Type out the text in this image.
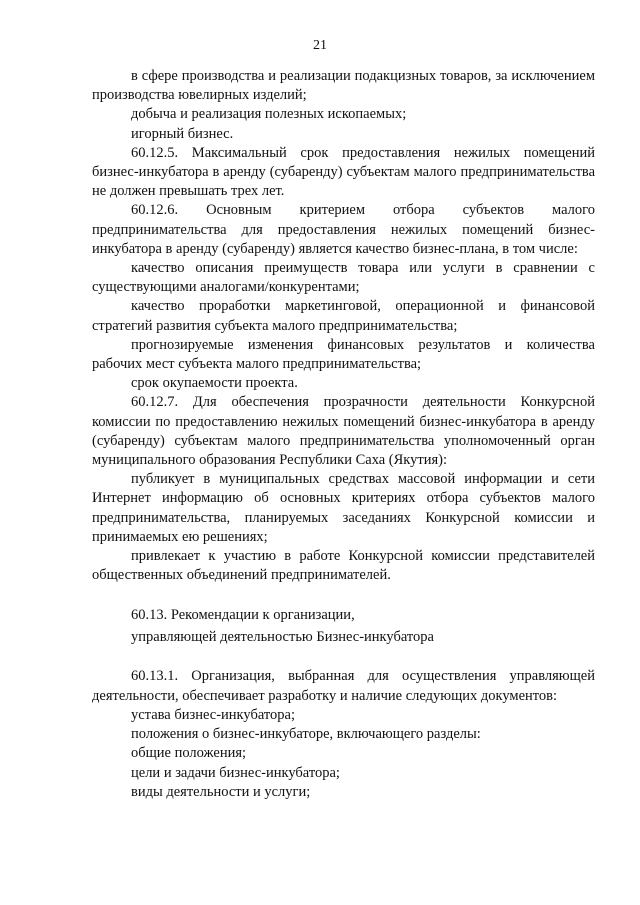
21

в сфере производства и реализации подакцизных товаров, за исключением производства ювелирных изделий;

добыча и реализация полезных ископаемых;

игорный бизнес.

60.12.5. Максимальный срок предоставления нежилых помещений бизнес-инкубатора в аренду (субаренду) субъектам малого предпринимательства не должен превышать трех лет.

60.12.6. Основным критерием отбора субъектов малого предпринимательства для предоставления нежилых помещений бизнес-инкубатора в аренду (субаренду) является качество бизнес-плана, в том числе:

качество описания преимуществ товара или услуги в сравнении с существующими аналогами/конкурентами;

качество проработки маркетинговой, операционной и финансовой стратегий развития субъекта малого предпринимательства;

прогнозируемые изменения финансовых результатов и количества рабочих мест субъекта малого предпринимательства;

срок окупаемости проекта.

60.12.7. Для обеспечения прозрачности деятельности Конкурсной комиссии по предоставлению нежилых помещений бизнес-инкубатора в аренду (субаренду) субъектам малого предпринимательства уполномоченный орган муниципального образования Республики Саха (Якутия):

публикует в муниципальных средствах массовой информации и сети Интернет информацию об основных критериях отбора субъектов малого предпринимательства, планируемых заседаниях Конкурсной комиссии и принимаемых ею решениях;

привлекает к участию в работе Конкурсной комиссии представителей общественных объединений предпринимателей.

60.13. Рекомендации к организации,

управляющей деятельностью Бизнес-инкубатора

60.13.1. Организация, выбранная для осуществления управляющей деятельности, обеспечивает разработку и наличие следующих документов:

устава бизнес-инкубатора;

положения о бизнес-инкубаторе, включающего разделы:

общие положения;

цели и задачи бизнес-инкубатора;

виды деятельности и услуги;
